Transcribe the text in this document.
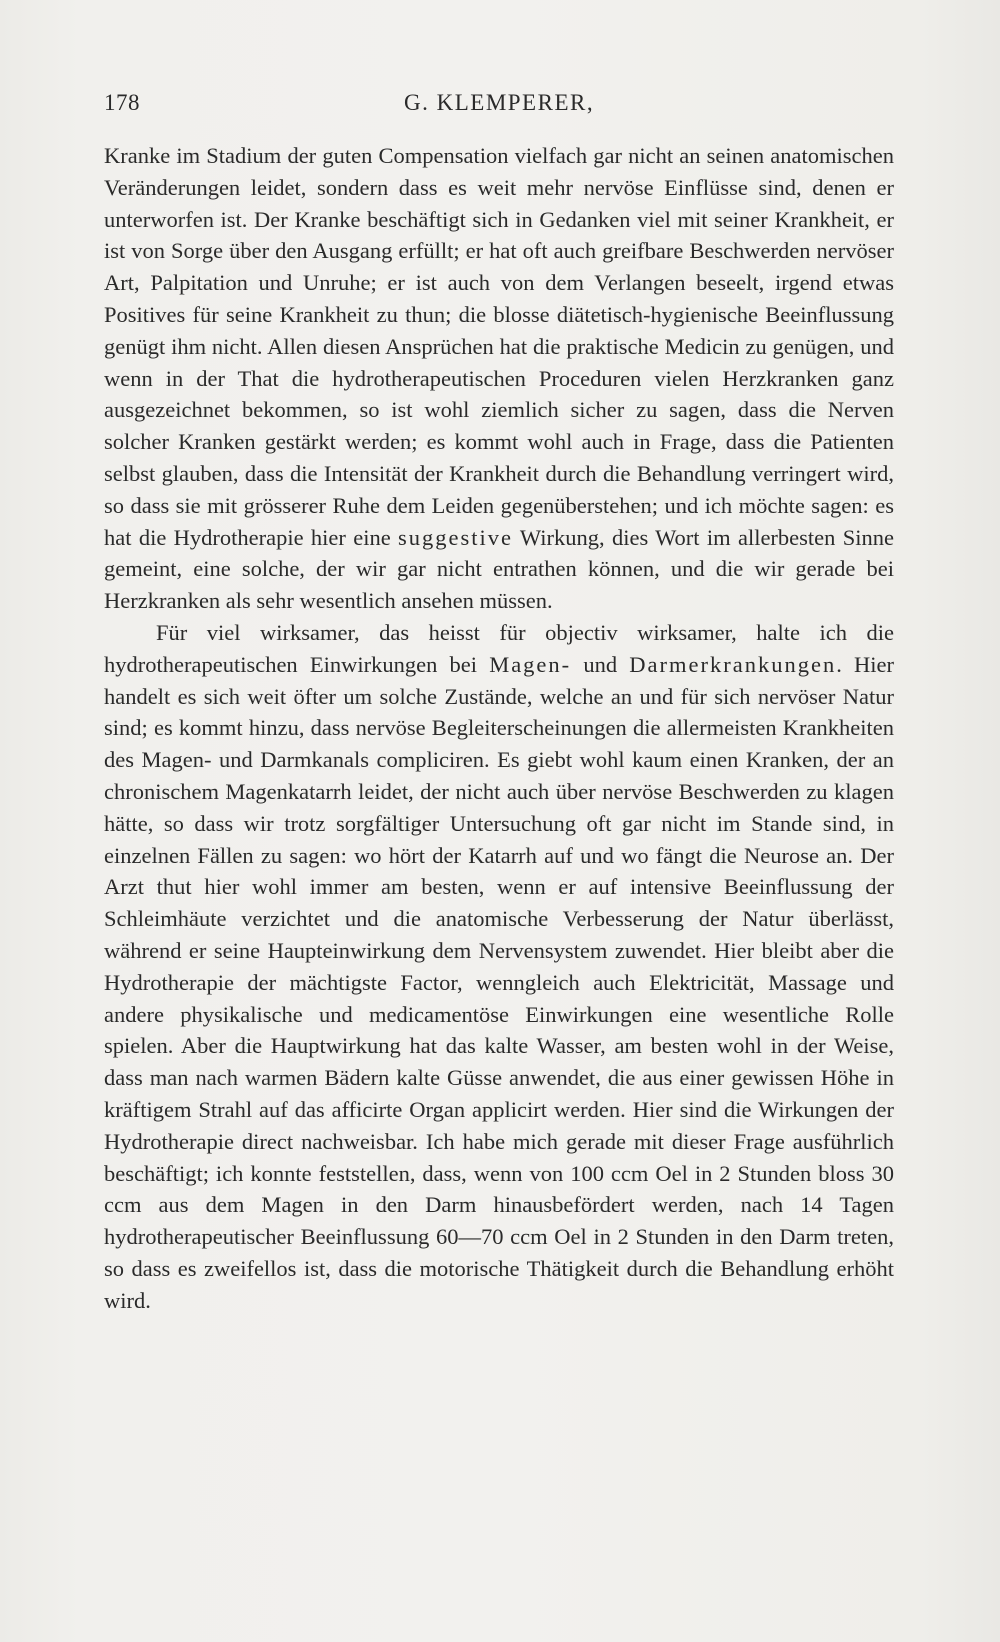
178	G. KLEMPERER,

Kranke im Stadium der guten Compensation vielfach gar nicht an seinen anatomischen Veränderungen leidet, sondern dass es weit mehr nervöse Einflüsse sind, denen er unterworfen ist. Der Kranke beschäftigt sich in Gedanken viel mit seiner Krankheit, er ist von Sorge über den Ausgang erfüllt; er hat oft auch greifbare Beschwerden nervöser Art, Palpitation und Unruhe; er ist auch von dem Verlangen beseelt, irgend etwas Positives für seine Krankheit zu thun; die blosse diätetisch-hygienische Beeinflussung genügt ihm nicht. Allen diesen Ansprüchen hat die praktische Medicin zu genügen, und wenn in der That die hydrotherapeutischen Proceduren vielen Herzkranken ganz ausgezeichnet bekommen, so ist wohl ziemlich sicher zu sagen, dass die Nerven solcher Kranken gestärkt werden; es kommt wohl auch in Frage, dass die Patienten selbst glauben, dass die Intensität der Krankheit durch die Behandlung verringert wird, so dass sie mit grösserer Ruhe dem Leiden gegenüberstehen; und ich möchte sagen: es hat die Hydrotherapie hier eine suggestive Wirkung, dies Wort im allerbesten Sinne gemeint, eine solche, der wir gar nicht entrathen können, und die wir gerade bei Herzkranken als sehr wesentlich ansehen müssen.

Für viel wirksamer, das heisst für objectiv wirksamer, halte ich die hydrotherapeutischen Einwirkungen bei Magen- und Darmerkrankungen. Hier handelt es sich weit öfter um solche Zustände, welche an und für sich nervöser Natur sind; es kommt hinzu, dass nervöse Begleiterscheinungen die allermeisten Krankheiten des Magen- und Darmkanals compliciren. Es giebt wohl kaum einen Kranken, der an chronischem Magenkatarrh leidet, der nicht auch über nervöse Beschwerden zu klagen hätte, so dass wir trotz sorgfältiger Untersuchung oft gar nicht im Stande sind, in einzelnen Fällen zu sagen: wo hört der Katarrh auf und wo fängt die Neurose an. Der Arzt thut hier wohl immer am besten, wenn er auf intensive Beeinflussung der Schleimhäute verzichtet und die anatomische Verbesserung der Natur überlässt, während er seine Haupteinwirkung dem Nervensystem zuwendet. Hier bleibt aber die Hydrotherapie der mächtigste Factor, wenngleich auch Elektricität, Massage und andere physikalische und medicamentöse Einwirkungen eine wesentliche Rolle spielen. Aber die Hauptwirkung hat das kalte Wasser, am besten wohl in der Weise, dass man nach warmen Bädern kalte Güsse anwendet, die aus einer gewissen Höhe in kräftigem Strahl auf das afficirte Organ applicirt werden. Hier sind die Wirkungen der Hydrotherapie direct nachweisbar. Ich habe mich gerade mit dieser Frage ausführlich beschäftigt; ich konnte feststellen, dass, wenn von 100 ccm Oel in 2 Stunden bloss 30 ccm aus dem Magen in den Darm hinausbefördert werden, nach 14 Tagen hydrotherapeutischer Beeinflussung 60—70 ccm Oel in 2 Stunden in den Darm treten, so dass es zweifellos ist, dass die motorische Thätigkeit durch die Behandlung erhöht wird.
